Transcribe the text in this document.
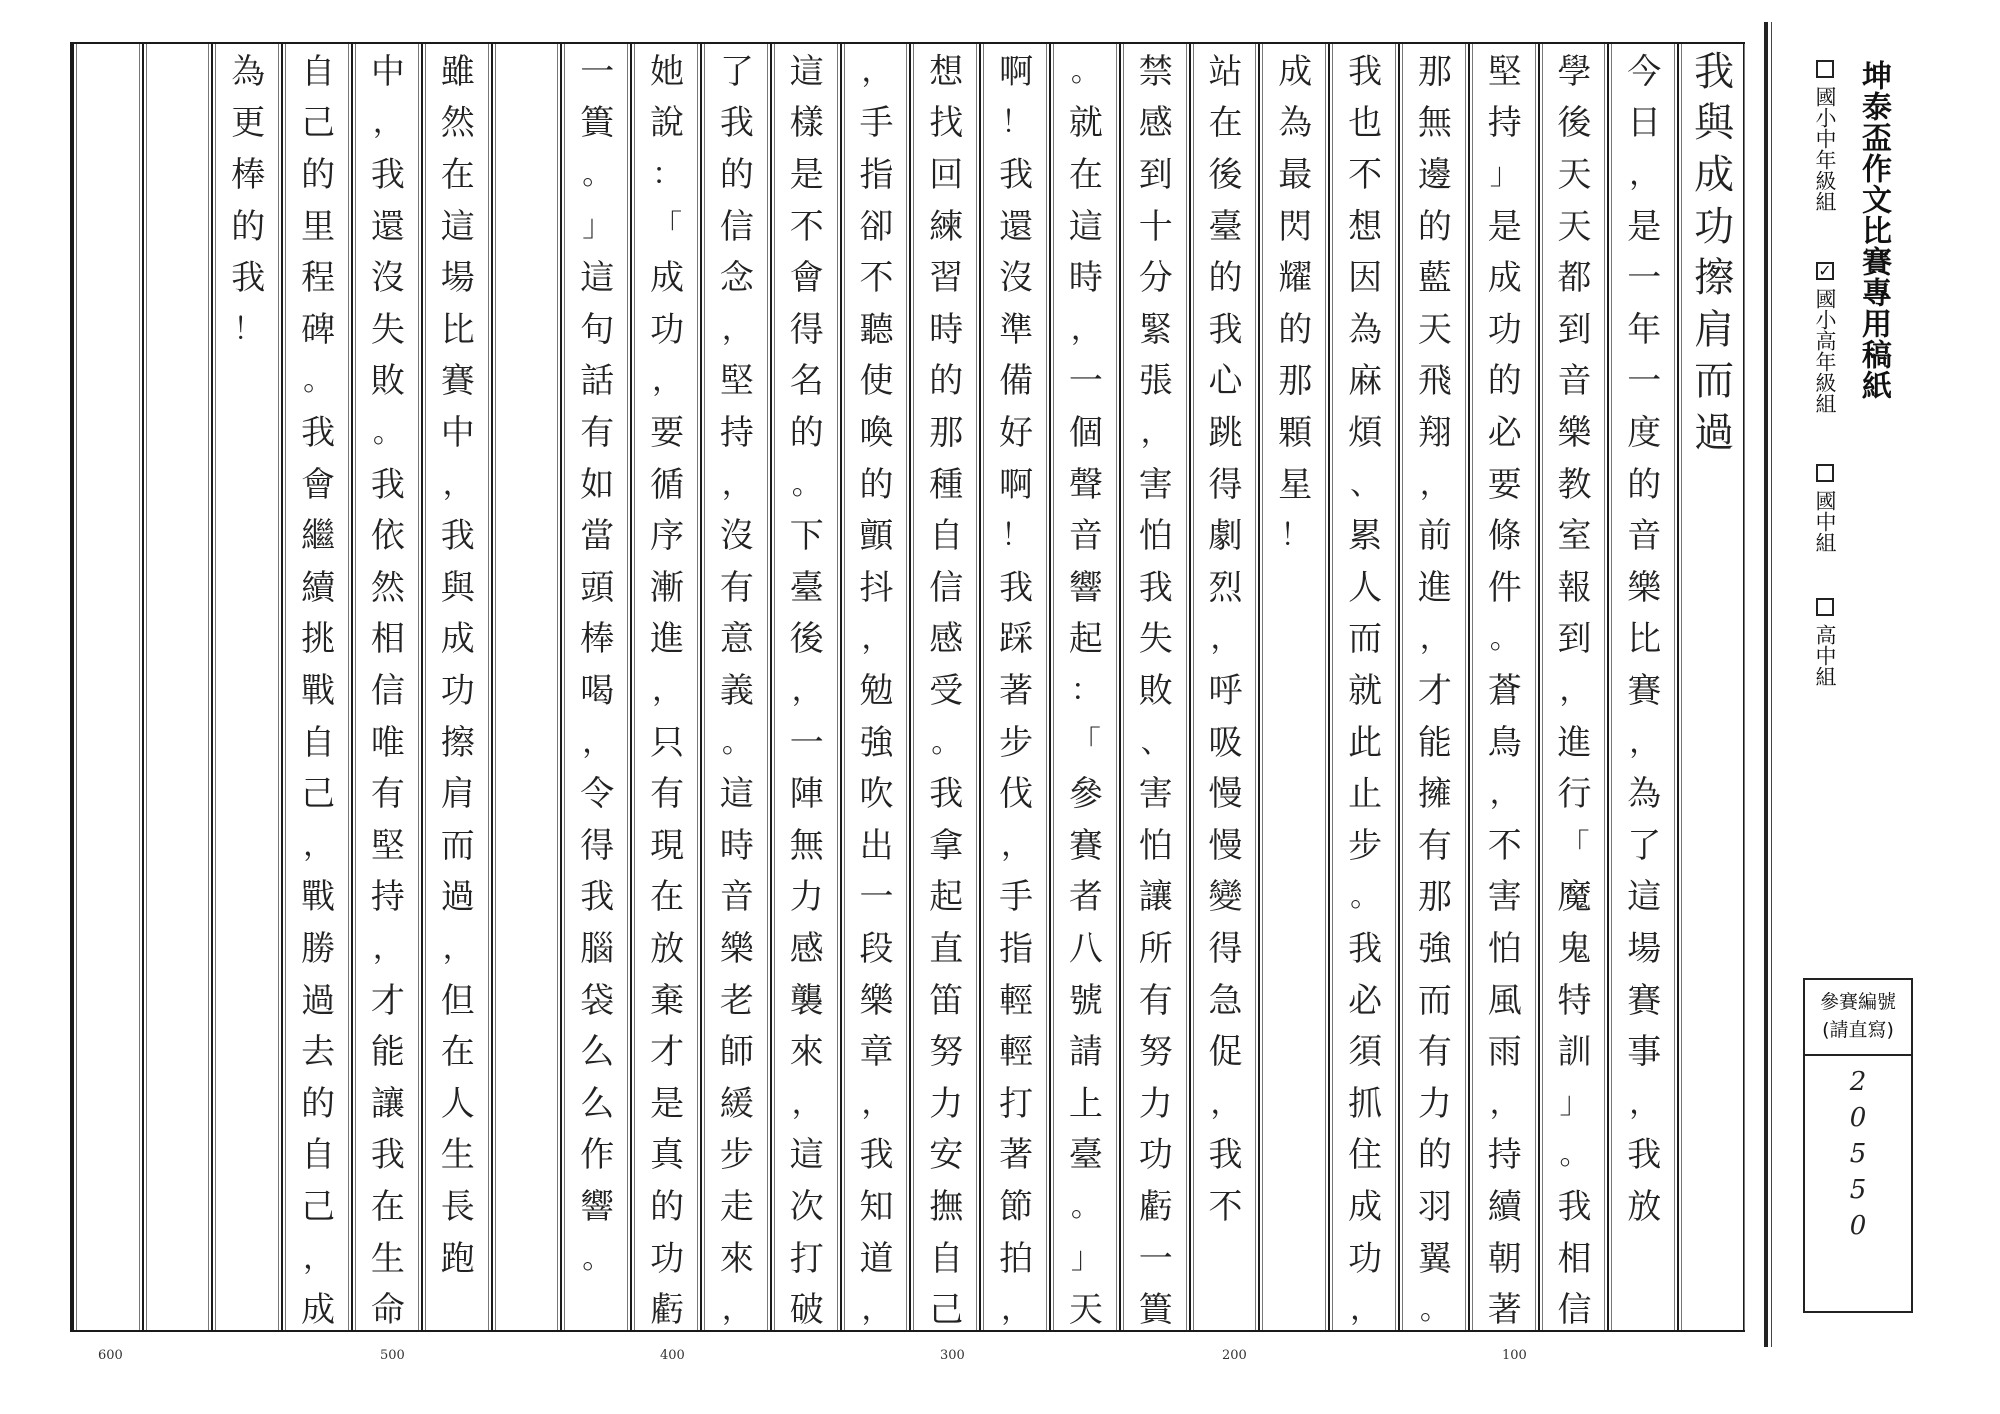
我
與
成
功
擦
肩
而
過
今
日
，
是
一
年
一
度
的
音
樂
比
賽
，
為
了
這
場
賽
事
，
我
放
學
後
天
天
都
到
音
樂
教
室
報
到
，
進
行
「
魔
鬼
特
訓
」
。
我
相
信
堅
持
」
是
成
功
的
必
要
條
件
。
蒼
鳥
，
不
害
怕
風
雨
，
持
續
朝
著
那
無
邊
的
藍
天
飛
翔
，
前
進
，
才
能
擁
有
那
強
而
有
力
的
羽
翼
。
我
也
不
想
因
為
麻
煩
、
累
人
而
就
此
止
步
。
我
必
須
抓
住
成
功
，
成
為
最
閃
耀
的
那
顆
星
！
站
在
後
臺
的
我
心
跳
得
劇
烈
，
呼
吸
慢
慢
變
得
急
促
，
我
不
禁
感
到
十
分
緊
張
，
害
怕
我
失
敗
、
害
怕
讓
所
有
努
力
功
虧
一
簣
。
就
在
這
時
，
一
個
聲
音
響
起
：
「
參
賽
者
八
號
請
上
臺
。
」
天
啊
！
我
還
沒
準
備
好
啊
！
我
踩
著
步
伐
，
手
指
輕
輕
打
著
節
拍
，
想
找
回
練
習
時
的
那
種
自
信
感
受
。
我
拿
起
直
笛
努
力
安
撫
自
己
，
手
指
卻
不
聽
使
喚
的
顫
抖
，
勉
強
吹
出
一
段
樂
章
，
我
知
道
，
這
樣
是
不
會
得
名
的
。
下
臺
後
，
一
陣
無
力
感
襲
來
，
這
次
打
破
了
我
的
信
念
，
堅
持
，
沒
有
意
義
。
這
時
音
樂
老
師
緩
步
走
來
，
她
說
：
「
成
功
，
要
循
序
漸
進
，
只
有
現
在
放
棄
才
是
真
的
功
虧
一
簣
。
」
這
句
話
有
如
當
頭
棒
喝
，
令
得
我
腦
袋
么
么
作
響
。
雖
然
在
這
場
比
賽
中
，
我
與
成
功
擦
肩
而
過
，
但
在
人
生
長
跑
中
，
我
還
沒
失
敗
。
我
依
然
相
信
唯
有
堅
持
，
才
能
讓
我
在
生
命
自
己
的
里
程
碑
。
我
會
繼
續
挑
戰
自
己
，
戰
勝
過
去
的
自
己
，
成
為
更
棒
的
我
！
600	500	400	300	200	100
坤泰盃作文比賽專用稿紙
國小中年級組
✓
國小高年級組
國中組
高中組
參賽編號
(請直寫)
2
0
5
5
0
